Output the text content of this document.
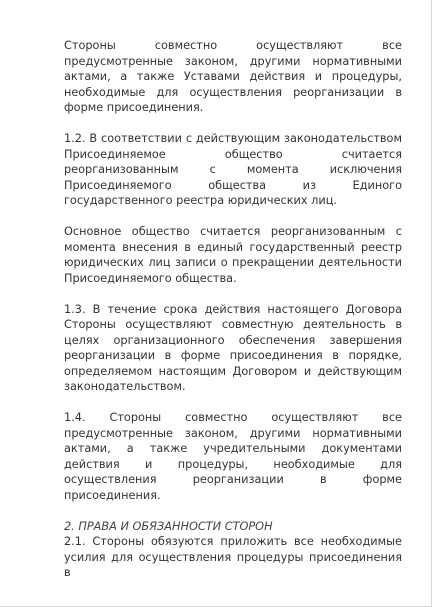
Стороны совместно осуществляют все предусмотренные законом, другими нормативными актами, а также Уставами действия и процедуры, необходимые для осуществления реорганизации в форме присоединения.

1.2. В соответствии с действующим законодательством Присоединяемое общество считается реорганизованным с момента исключения Присоединяемого общества из Единого государственного реестра юридических лиц.

Основное общество считается реорганизованным с момента внесения в единый государственный реестр юридических лиц записи о прекращении деятельности Присоединяемого общества.

1.3. В течение срока действия настоящего Договора Стороны осуществляют совместную деятельность в целях организационного обеспечения завершения реорганизации в форме присоединения в порядке, определяемом настоящим Договором и действующим законодательством.

1.4. Стороны совместно осуществляют все предусмотренные законом, другими нормативными актами, а также учредительными документами действия и процедуры, необходимые для осуществления реорганизации в форме присоединения.

2. ПРАВА И ОБЯЗАННОСТИ СТОРОН

2.1. Стороны обязуются приложить все необходимые усилия для осуществления процедуры присоединения в
